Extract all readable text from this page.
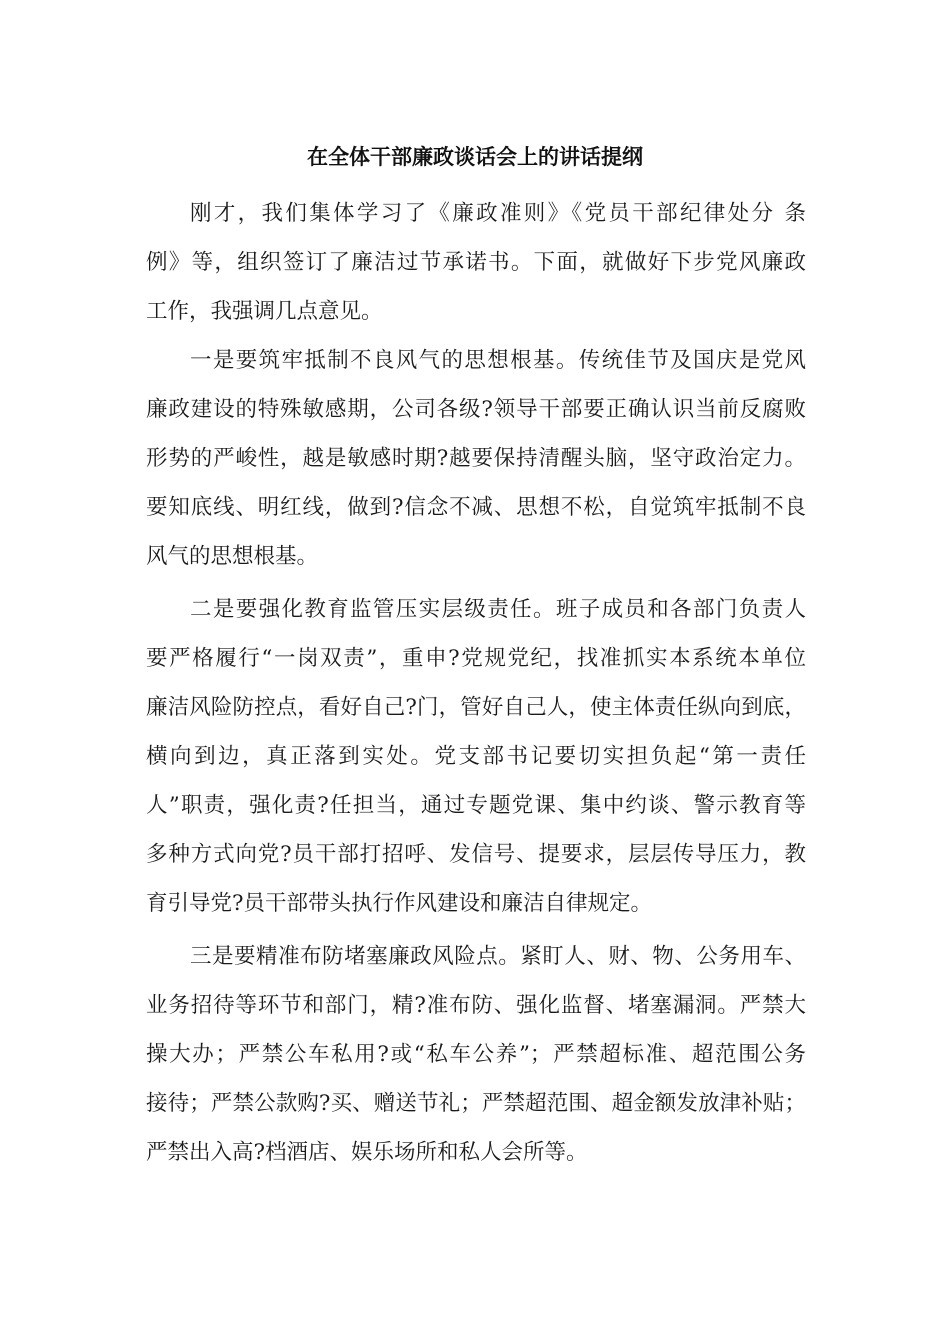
在全体干部廉政谈话会上的讲话提纲

刚才，我们集体学习了《廉政准则》《党员干部纪律处分 条

例》等，组织签订了廉洁过节承诺书。下面，就做好下步党风廉政

工作，我强调几点意见。

一是要筑牢抵制不良风气的思想根基。传统佳节及国庆是党风

廉政建设的特殊敏感期，公司各级?领导干部要正确认识当前反腐败

形势的严峻性，越是敏感时期?越要保持清醒头脑，坚守政治定力。

要知底线、明红线，做到?信念不减、思想不松，自觉筑牢抵制不良

风气的思想根基。

二是要强化教育监管压实层级责任。班子成员和各部门负责人

要严格履行“一岗双责”，重申?党规党纪，找准抓实本系统本单位

廉洁风险防控点，看好自己?门，管好自己人，使主体责任纵向到底，

横向到边，真正落到实处。党支部书记要切实担负起“第一责任

人”职责，强化责?任担当，通过专题党课、集中约谈、警示教育等

多种方式向党?员干部打招呼、发信号、提要求，层层传导压力，教

育引导党?员干部带头执行作风建设和廉洁自律规定。

三是要精准布防堵塞廉政风险点。紧盯人、财、物、公务用车、

业务招待等环节和部门，精?准布防、强化监督、堵塞漏洞。严禁大

操大办；严禁公车私用?或“私车公养”；严禁超标准、超范围公务

接待；严禁公款购?买、赠送节礼；严禁超范围、超金额发放津补贴；

严禁出入高?档酒店、娱乐场所和私人会所等。
